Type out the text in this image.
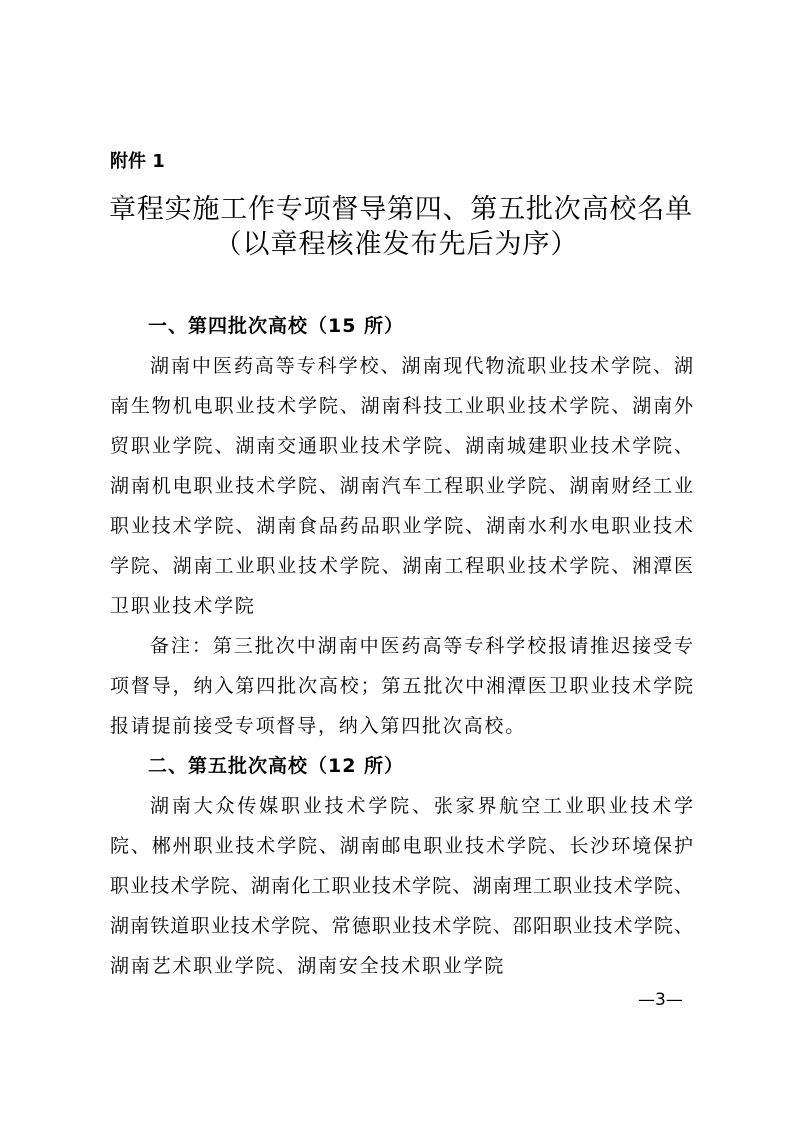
附件 1
章程实施工作专项督导第四、第五批次高校名单
（以章程核准发布先后为序）
一、第四批次高校（15 所）
湖南中医药高等专科学校、湖南现代物流职业技术学院、湖
南生物机电职业技术学院、湖南科技工业职业技术学院、湖南外
贸职业学院、湖南交通职业技术学院、湖南城建职业技术学院、
湖南机电职业技术学院、湖南汽车工程职业学院、湖南财经工业
职业技术学院、湖南食品药品职业学院、湖南水利水电职业技术
学院、湖南工业职业技术学院、湖南工程职业技术学院、湘潭医
卫职业技术学院
备注：第三批次中湖南中医药高等专科学校报请推迟接受专
项督导，纳入第四批次高校；第五批次中湘潭医卫职业技术学院
报请提前接受专项督导，纳入第四批次高校。
二、第五批次高校（12 所）
湖南大众传媒职业技术学院、张家界航空工业职业技术学
院、郴州职业技术学院、湖南邮电职业技术学院、长沙环境保护
职业技术学院、湖南化工职业技术学院、湖南理工职业技术学院、
湖南铁道职业技术学院、常德职业技术学院、邵阳职业技术学院、
湖南艺术职业学院、湖南安全技术职业学院
—3—
